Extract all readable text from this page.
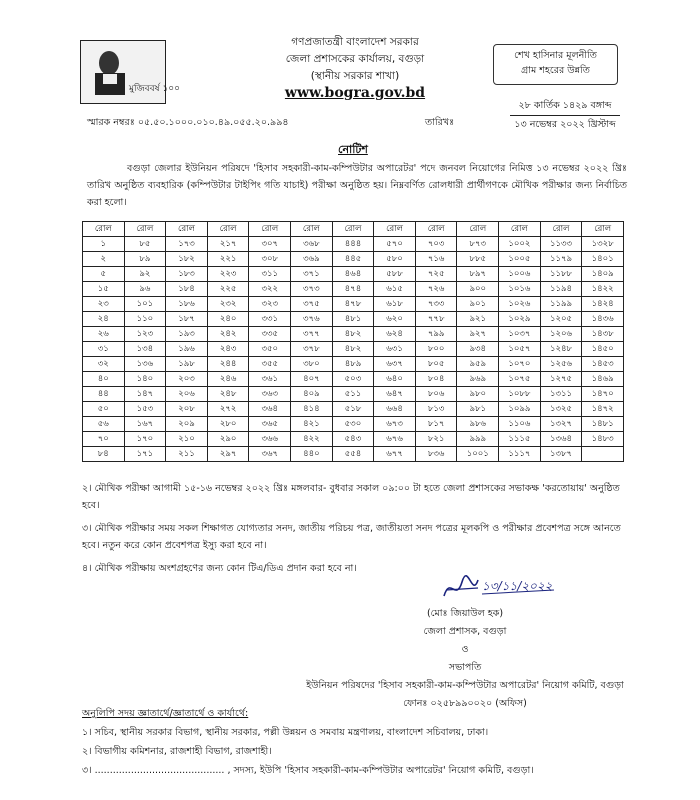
মুজিববর্ষ ১০০
গণপ্রজাতন্ত্রী বাংলাদেশ সরকার
জেলা প্রশাসকের কার্যালয়, বগুড়া
(স্থানীয় সরকার শাখা)
www.bogra.gov.bd
শেখ হাসিনার মূলনীতি
গ্রাম শহরের উন্নতি
স্মারক নম্বরঃ ০৫.৫০.১০০০.০১০.৪৯.০৫৫.২০.৯৯৪	তারিখঃ
২৮ কার্তিক ১৪২৯ বঙ্গাব্দ
১৩ নভেম্বর ২০২২ খ্রিস্টাব্দ
নোটিশ
বগুড়া জেলার ইউনিয়ন পরিষদে 'হিসাব সহকারী-কাম-কম্পিউটার অপারেটর' পদে জনবল নিয়োগের নিমিত্ত ১৩ নভেম্বর ২০২২ খ্রিঃ তারিখ অনুষ্ঠিত ব্যবহারিক (কম্পিউটার টাইপিং গতি যাচাই) পরীক্ষা অনুষ্ঠিত হয়। নিম্নবর্ণিত রোলধারী প্রার্থীগণকে মৌখিক পরীক্ষার জন্য নির্বাচিত করা হলো।
রোল	রোল	রোল	রোল	রোল	রোল	রোল	রোল	রোল	রোল	রোল	রোল	রোল
১	৮৫	১৭৩	২১৭	৩০৭	৩৬৮	৪৪৪	৫৭০	৭০৩	৮৭৩	১০০২	১১৩৩	১৩২৮
২	৮৯	১৮২	২২১	৩০৮	৩৬৯	৪৪৫	৫৮০	৭১৬	৮৮৫	১০০৫	১১৭৯	১৪০১
৫	৯২	১৮৩	২২৩	৩১১	৩৭১	৪৬৪	৫৮৮	৭২৫	৮৯৭	১০০৬	১১৮৮	১৪০৯
১৫	৯৬	১৮৪	২২৫	৩২২	৩৭৩	৪৭৪	৬১৫	৭২৬	৯০০	১০১৬	১১৯৪	১৪২২
২৩	১০১	১৮৬	২৩২	৩২৩	৩৭৫	৪৭৮	৬১৮	৭৩৩	৯০১	১০২৬	১১৯৯	১৪২৪
২৪	১১০	১৮৭	২৪০	৩৩১	৩৭৬	৪৮১	৬২০	৭৭৮	৯২১	১০২৯	১২০৫	১৪৩৬
২৬	১২৩	১৯৩	২৪২	৩৩৫	৩৭৭	৪৮২	৬২৪	৭৯৯	৯২৭	১০৩৭	১২০৬	১৪৩৮
৩১	১৩৪	১৯৬	২৪৩	৩৫০	৩৭৮	৪৮২	৬৩১	৮০০	৯৩৪	১০৫৭	১২৪৮	১৪৫০
৩২	১৩৬	১৯৮	২৪৪	৩৫৫	৩৮০	৪৮৯	৬৩৭	৮০৫	৯৫৯	১০৭০	১২৫৬	১৪৫৩
৪০	১৪০	২০৩	২৪৬	৩৬১	৪০৭	৫০৩	৬৪০	৮০৪	৯৬৯	১০৭৫	১২৭৫	১৪৬৯
৪৪	১৪৭	২০৬	২৪৮	৩৬৩	৪০৯	৫১১	৬৪৭	৮০৬	৯৮০	১০৮৮	১৩১১	১৪৭০
৫০	১৫৩	২০৮	২৭২	৩৬৪	৪১৪	৫১৮	৬৬৪	৮১৩	৯৮১	১০৯৯	১৩২৫	১৪৭২
৫৬	১৬৭	২০৯	২৮০	৩৬৫	৪২১	৫৩০	৬৭৩	৮১৭	৯৮৬	১১০৬	১৩২৭	১৪৮১
৭০	১৭০	২১০	২৯০	৩৬৬	৪২২	৫৪৩	৬৭৬	৮২১	৯৯৯	১১১৫	১৩৬৪	১৪৮৩
৮৪	১৭১	২১১	২৯৭	৩৬৭	৪৪০	৫৫৪	৬৭৭	৮৩৬	১০০১	১১১৭	১৩৮৭	

২। মৌখিক পরীক্ষা আগামী ১৫-১৬ নভেম্বর ২০২২ খ্রিঃ মঙ্গলবার- বুধবার সকাল ০৯:০০ টা হতে জেলা প্রশাসকের সভাকক্ষ 'করতোয়ায়' অনুষ্ঠিত হবে।

৩। মৌখিক পরীক্ষার সময় সকল শিক্ষাগত যোগ্যতার সনদ, জাতীয় পরিচয় পত্র, জাতীয়তা সনদ পত্রের মূলকপি ও পরীক্ষার প্রবেশপত্র সঙ্গে আনতে হবে। নতুন করে কোন প্রবেশপত্র ইস্যু করা হবে না।

৪। মৌখিক পরীক্ষায় অংশগ্রহণের জন্য কোন টিএ/ডিএ প্রদান করা হবে না।

১৩/১১/২০২২
(মোঃ জিয়াউল হক)
জেলা প্রশাসক, বগুড়া
ও
সভাপতি
ইউনিয়ন পরিষদের 'হিসাব সহকারী-কাম-কম্পিউটার অপারেটর' নিয়োগ কমিটি, বগুড়া
ফোনঃ ০২৫৮৯৯০০২০ (অফিস)
অনুলিপি সদয় জ্ঞাতার্থে/জ্ঞাতার্থে ও কার্যার্থে:
১। সচিব, স্থানীয় সরকার বিভাগ, স্থানীয় সরকার, পল্লী উন্নয়ন ও সমবায় মন্ত্রণালয়, বাংলাদেশ সচিবালয়, ঢাকা।
২। বিভাগীয় কমিশনার, রাজশাহী বিভাগ, রাজশাহী।
৩। ........................................... , সদস্য, ইউপি 'হিসাব সহকারী-কাম-কম্পিউটার অপারেটর' নিয়োগ কমিটি, বগুড়া।
